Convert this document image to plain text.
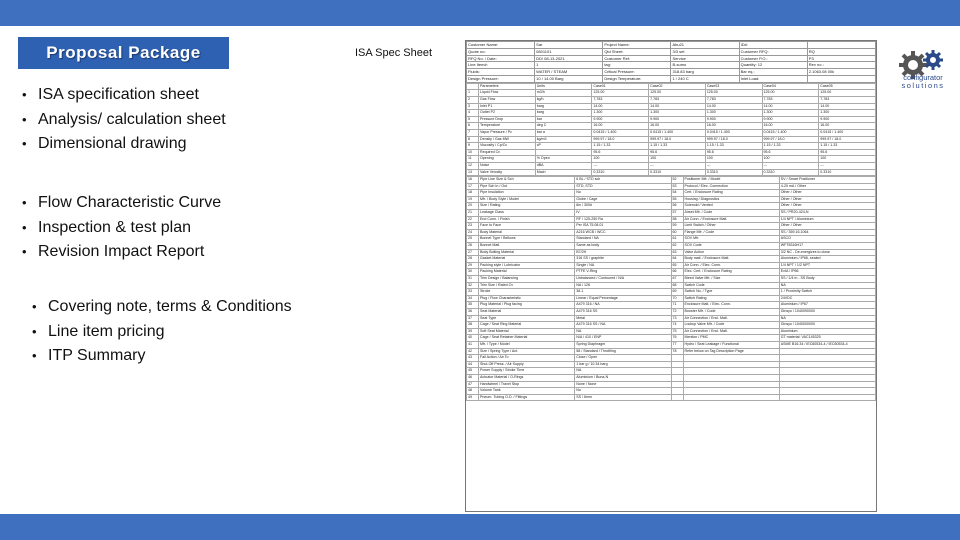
Proposal Package
• ISA specification sheet
• Analysis/ calculation sheet
• Dimensional drawing
• Flow Characteristic Curve
• Inspection & test plan
• Revision Impact Report
• Covering note, terms & Conditions
• Line item pricing
• ITP Summary
ISA Spec Sheet
Customer Name:	Sar	Project Name:	Abu21	ID#:	
Quote no:	0801101	Qtd Sheet:	3/3 set	Customer RFQ:	RQ
RFQ No. / Date:	DD/ 08-13-2021	Customer Ref:	Service	Customer P.O.:	P3
Line Item#:	1	tag:	B-sumo	Quantity: 12	Rev no.:
Fluids:	WATER / STEAM	Critical Pressure:	318.83 barg	Bar eq.:	2.1063.08 00k
Design Pressure:	10 / 14.00 Barg	Design Temperature:	1 / 240 C	Inlet Load:	
	Parameters	Units	Case01	Case02	Case03	Case04	Case05
1	Liquid Flow	m3/h	125.00	125.00	125.00	125.00	125.00
2	Gas Flow	kg/h	7,783	7,783	7,783	7,783	7,783
3	Inlet P1	barg	14.00	14.00	14.00	14.00	14.00
4	Outlet P2	barg	1.300	1.300	1.300	1.300	1.300
5	Pressure Drop	bar	9.900	9.900	9.900	9.900	9.900
6	Temperature	deg C	16.00	16.00	16.00	16.00	16.00
7	Vapor Pressure / Pc	bar a	0.0415 / 1.400	0.0415 / 1.400	0.0415 / 1.400	0.0415 / 1.400	0.0415 / 1.400
8	Density / Gas MW	kg/m3	999.97 / 18.0	999.97 / 18.0	999.97 / 18.0	999.97 / 18.0	999.97 / 18.0
9	Viscosity / Cp/Cv	cP	1.15 / 1.33	1.15 / 1.33	1.15 / 1.33	1.15 / 1.33	1.15 / 1.33
10	Required Cv		95.6	95.6	95.6	95.6	95.6
11	Opening	% Open	100	100	100	100	100
12	Noise	dBA	---	---	---	---	---
13	Valve Velocity	Mach	0.3310	0.3310	0.3310	0.3310	0.3310
16	Pipe Line Size & Sch	6 BL / STD sch	52	Positioner Mfr. / Model	SV / Smart Positioner
17	Pipe Sch In / Out	STD, STD	53	Protocol / Elec. Connection	4-20 mA / Other
18	Pipe Insulation	No	54	Cert. / Enclosure Rating	Other / Other
19	Mfr. / Body Style / Model	Globe / Cage	55	Housing / Diagnostics	Other / Other
20	Size / Rating	6in / 300#	56	Solenoid / Vented	Other / Other
21	Leakage Class	IV	57	Airset Mfr. / Code	SS / PR20-424-N
22	End Conn. / Finish	RF / 125-250 Ra	58	Air Conn. / Enclosure Matl.	1/4 NPT / Aluminium
23	Face to Face	Per ISA 75.08.01	59	Limit Switch / Other	Other / Other
24	Body Material	A216 WCB / WCC	60	Flange Mfr. / Code	SS / 359.16.1064
25	Bonnet Type / Bellows	Standard / NA	61	SOV Mfr.	ASCO
26	Bonnet Matl.	Same as body	62	SOV Code	WFT8316H17
27	Body Bolting Material	B7/2H	63	Valve Action	3/2 NC - De-energizes to close
28	Gasket Material	316 SS / graphite	64	Body matl. / Enclosure Matl.	Aluminium / IP66, sealed
29	Packing style / Lubricator	Single / NA	65	Air Conn. / Elec. Conn.	1/4 NPT / 1/2 NPT
30	Packing Material	PTFE V-Ring	66	Elec. Cert. / Enclosure Rating	ExIA / IP66
31	Trim Design / Balancing	Unbalanced / Contoured / N/A	67	Bleed Valve Mfr. / Size	SS / 1/4 in - SS Body
32	Trim Size / Rated Cv	NA / 126	68	Switch Code	NA
33	Stroke	38.1	69	Switch No. / Type	1 / Proximity Switch
34	Plug / Flow Characteristic	Linear / Equal Percentage	70	Switch Rating	24VDC
35	Plug Material / Plug facing	A479 316 / NA	71	Enclosure Matl. / Elec. Conn.	Aluminium / IP67
36	Seat Material	A479 316 SS	72	Booster Mfr. / Code	Ginsyo / 1040090000
37	Seat Type	Metal	73	Air Connection / Encl. Matl.	NA
38	Cage / Seat Ring Material	A479 316 SS / NA	74	Lockup Valve Mfr. / Code	Ginsyo / 1040000000
39	Soft Seat Material	NA	75	Air Connection / Encl. Matl.	Aluminium
40	Cage / Seat Retainer Material	N/A / 410 / ENP	76	Mention / PMC	GT material: VAC145325
41	Mfr. / Type / Model	Spring Diaphragm	77	Hydro / Seat Leakage / Functional	ASME B16.34 / IEC60534-4 / IEC60534-4
42	Size / Spring Type / Act.	58 / Standard / Throttling	78	Refer below on Tag Description Page	
43	Fail Action / Air To	Close / Open			
44	Shut-Off Press. / Air Supply	1 bar g / 10.34 barg			
45	Power Supply / Stroke Time	NA			
46	Actuator Material / O-Rings	Aluminium / Buna-N			
47	Handwheel / Travel Stop	None / None			
48	Volume Tank	No			
49	Pneum. Tubing O.D. / Fittings	SS / 6mm			
configurator
solutions
